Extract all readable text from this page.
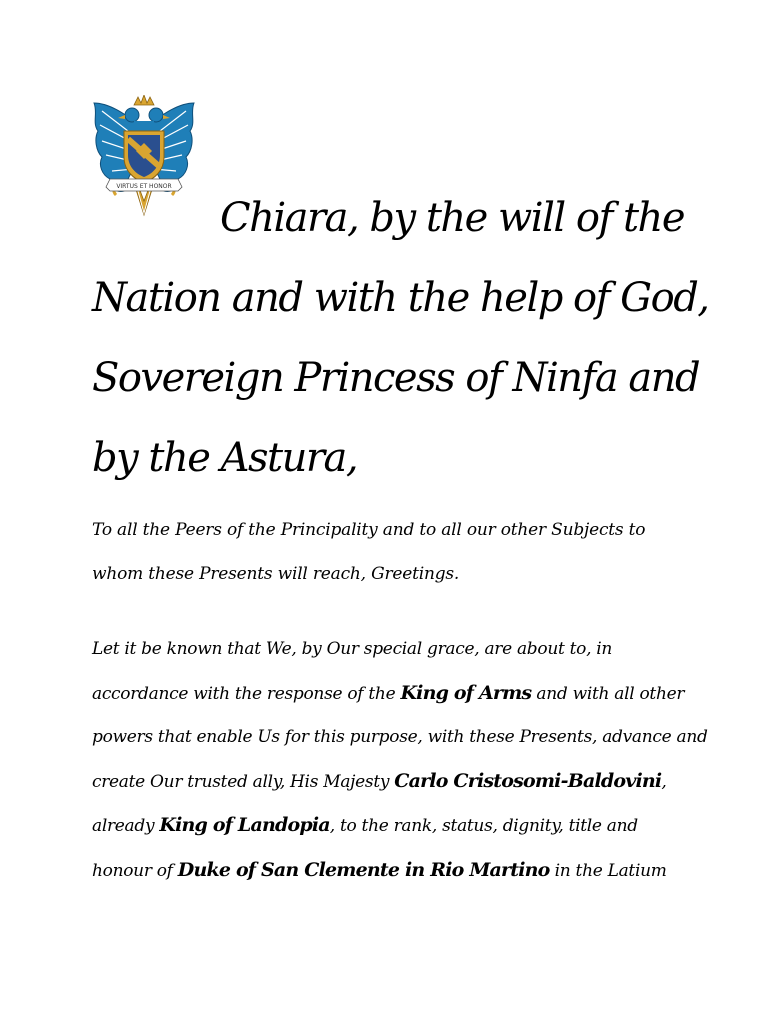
VIRTUS ET HONOR
Chiara, by the will of the
Nation and with the help of God,
Sovereign Princess of Ninfa and
by the Astura,

To all the Peers of the Principality and to all our other Subjects to
whom these Presents will reach, Greetings.

Let it be known that We, by Our special grace, are about to, in
accordance with the response of the King of Arms and with all other
powers that enable Us for this purpose, with these Presents, advance and
create Our trusted ally, His Majesty Carlo Cristosomi-Baldovini,
already King of Landopia, to the rank, status, dignity, title and
honour of Duke of San Clemente in Rio Martino in the Latium
